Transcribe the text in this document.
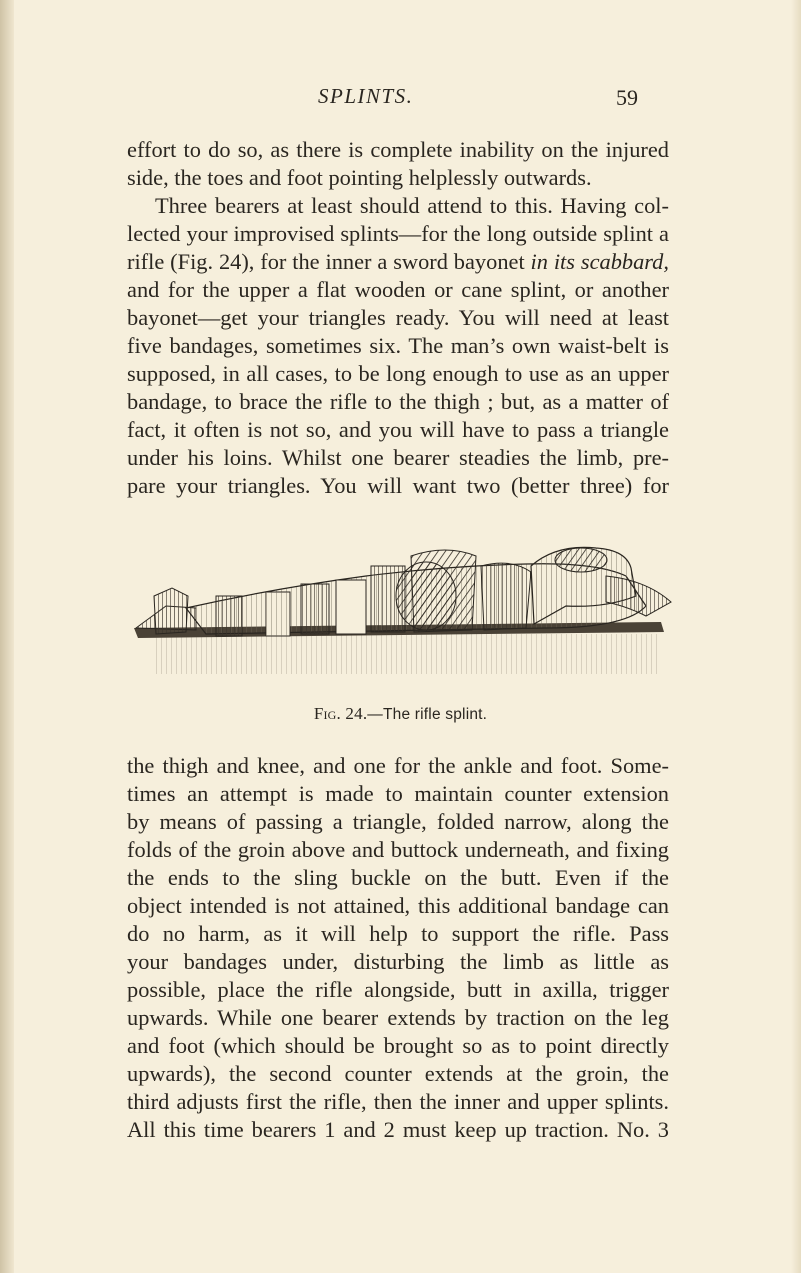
SPLINTS.	59
effort to do so, as there is complete inability on the injured
side, the toes and foot pointing helplessly outwards.
Three bearers at least should attend to this. Having col-
lected your improvised splints—for the long outside splint a
rifle (Fig. 24), for the inner a sword bayonet in its scabbard,
and for the upper a flat wooden or cane splint, or another
bayonet—get your triangles ready. You will need at least
five bandages, sometimes six. The man’s own waist-belt is
supposed, in all cases, to be long enough to use as an upper
bandage, to brace the rifle to the thigh ; but, as a matter of
fact, it often is not so, and you will have to pass a triangle
under his loins. Whilst one bearer steadies the limb, pre-
pare your triangles. You will want two (better three) for
Fig. 24.—The rifle splint.
the thigh and knee, and one for the ankle and foot. Some-
times an attempt is made to maintain counter extension
by means of passing a triangle, folded narrow, along the
folds of the groin above and buttock underneath, and fixing
the ends to the sling buckle on the butt. Even if the
object intended is not attained, this additional bandage can
do no harm, as it will help to support the rifle. Pass
your bandages under, disturbing the limb as little as
possible, place the rifle alongside, butt in axilla, trigger
upwards. While one bearer extends by traction on the leg
and foot (which should be brought so as to point directly
upwards), the second counter extends at the groin, the
third adjusts first the rifle, then the inner and upper splints.
All this time bearers 1 and 2 must keep up traction. No. 3
